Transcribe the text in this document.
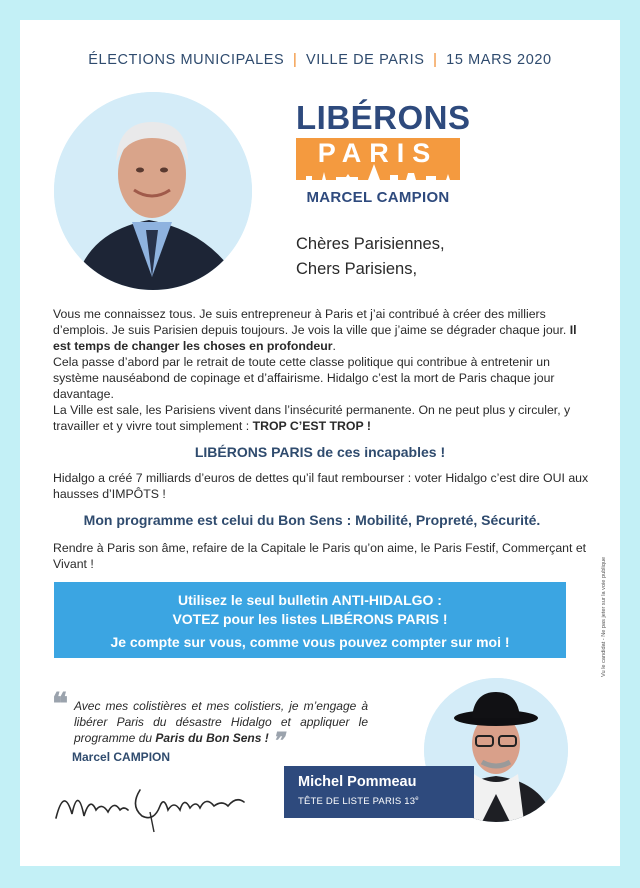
ÉLECTIONS MUNICIPALES | VILLE DE PARIS | 15 MARS 2020
LIBÉRONS
PARIS
MARCEL CAMPION
Chères Parisiennes,
Chers Parisiens,
Vous me connaissez tous. Je suis entrepreneur à Paris et j’ai contribué à créer des milliers d’emplois. Je suis Parisien depuis toujours. Je vois la ville que j’aime se dégrader chaque jour. Il est temps de changer les choses en profondeur.
Cela passe d’abord par le retrait de toute cette classe politique qui contribue à entretenir un système nauséabond de copinage et d’affairisme. Hidalgo c’est la mort de Paris chaque jour davantage.
La Ville est sale, les Parisiens vivent dans l’insécurité permanente. On ne peut plus y circuler, y travailler et y vivre tout simplement : TROP C’EST TROP !
LIBÉRONS PARIS de ces incapables !
Hidalgo a créé 7 milliards d’euros de dettes qu’il faut rembourser : voter Hidalgo c’est dire OUI aux hausses d’IMPÔTS !
Mon programme est celui du Bon Sens : Mobilité, Propreté, Sécurité.
Rendre à Paris son âme, refaire de la Capitale le Paris qu’on aime, le Paris Festif, Commerçant et Vivant !
Utilisez le seul bulletin ANTI-HIDALGO :
VOTEZ pour les listes LIBÉRONS PARIS !
Je compte sur vous, comme vous pouvez compter sur moi !	Vu le candidat - Ne pas jeter sur la voie publique
❝ Avec mes colistières et mes colistiers, je m’engage à libérer Paris du désastre Hidalgo et appliquer le programme du Paris du Bon Sens ! ❞
Marcel CAMPION
Michel Pommeau
TÊTE DE LISTE PARIS 13e
